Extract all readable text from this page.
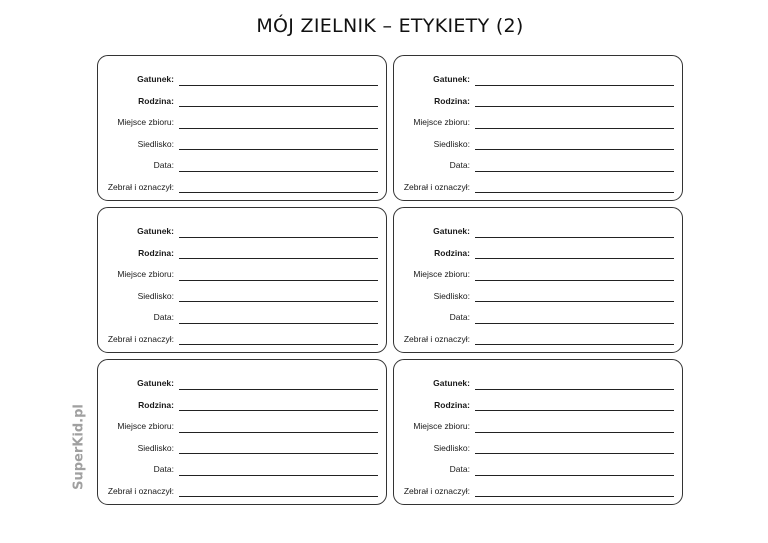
MÓJ ZIELNIK – ETYKIETY (2)
SuperKid.pl
Gatunek:
Rodzina:
Miejsce zbioru:
Siedlisko:
Data:
Zebrał i oznaczył:
Gatunek:
Rodzina:
Miejsce zbioru:
Siedlisko:
Data:
Zebrał i oznaczył:
Gatunek:
Rodzina:
Miejsce zbioru:
Siedlisko:
Data:
Zebrał i oznaczył:
Gatunek:
Rodzina:
Miejsce zbioru:
Siedlisko:
Data:
Zebrał i oznaczył:
Gatunek:
Rodzina:
Miejsce zbioru:
Siedlisko:
Data:
Zebrał i oznaczył:
Gatunek:
Rodzina:
Miejsce zbioru:
Siedlisko:
Data:
Zebrał i oznaczył:
